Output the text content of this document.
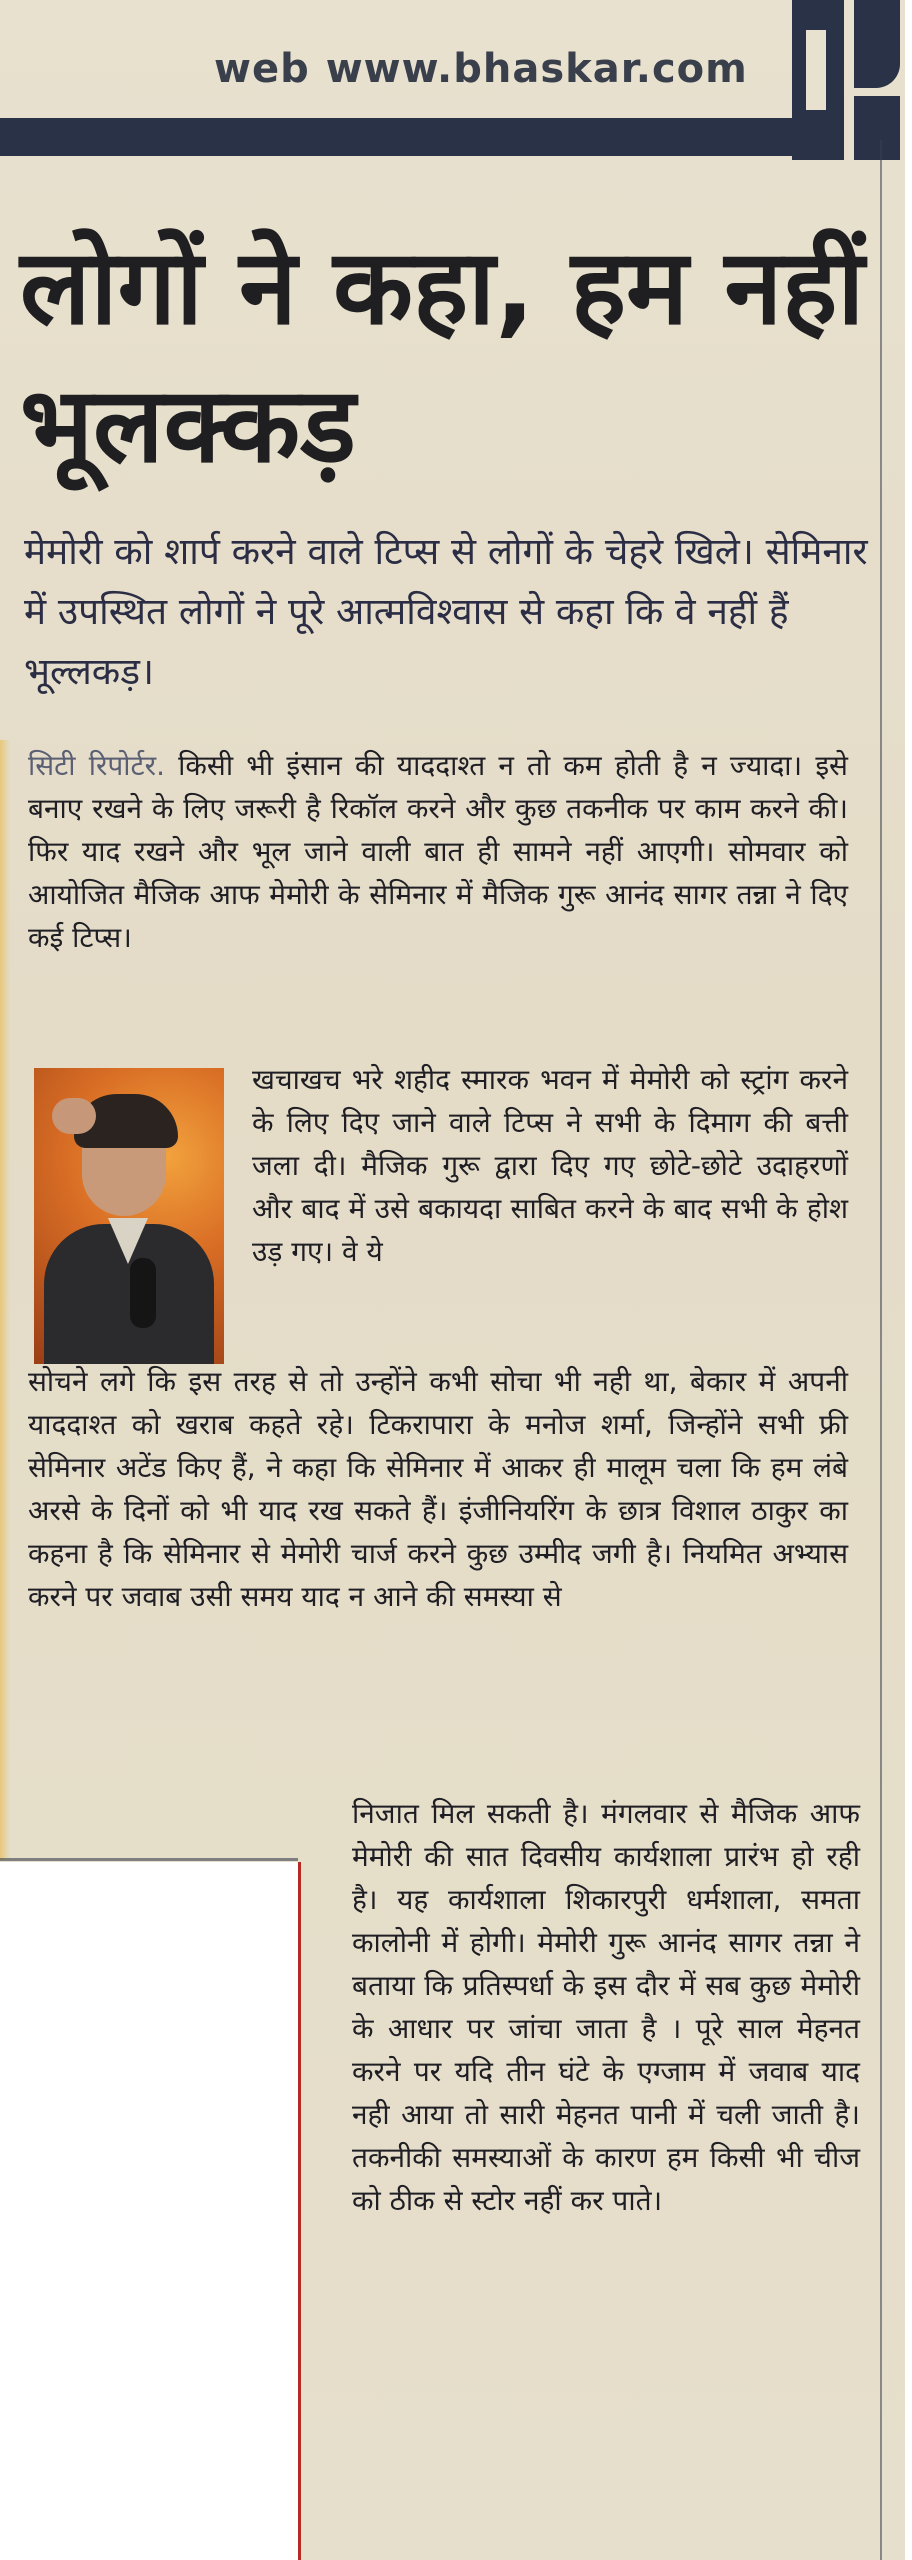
web www.bhaskar.com
लोगों ने कहा, हम नहीं भूलक्कड़
मेमोरी को शार्प करने वाले टिप्स से लोगों के चेहरे खिले। सेमिनार में उपस्थित लोगों ने पूरे आत्मविश्वास से कहा कि वे नहीं हैं भूल्लकड़।
सिटी रिपोर्टर. किसी भी इंसान की याददाश्त न तो कम होती है न ज्यादा। इसे बनाए रखने के लिए जरूरी है रिकॉल करने और कुछ तकनीक पर काम करने की। फिर याद रखने और भूल जाने वाली बात ही सामने नहीं आएगी। सोमवार को आयोजित मैजिक आफ मेमोरी के सेमिनार में मैजिक गुरू आनंद सागर तन्ना ने दिए कई टिप्स।
खचाखच भरे शहीद स्मारक भवन में मेमोरी को स्ट्रांग करने के लिए दिए जाने वाले टिप्स ने सभी के दिमाग की बत्ती जला दी। मैजिक गुरू द्वारा दिए गए छोटे-छोटे उदाहरणों और बाद में उसे बकायदा साबित करने के बाद सभी के होश उड़ गए। वे ये
सोचने लगे कि इस तरह से तो उन्होंने कभी सोचा भी नही था, बेकार में अपनी याददाश्त को खराब कहते रहे। टिकरापारा के मनोज शर्मा, जिन्होंने सभी फ्री सेमिनार अटेंड किए हैं, ने कहा कि सेमिनार में आकर ही मालूम चला कि हम लंबे अरसे के दिनों को भी याद रख सकते हैं। इंजीनियरिंग के छात्र विशाल ठाकुर का कहना है कि सेमिनार से मेमोरी चार्ज करने कुछ उम्मीद जगी है। नियमित अभ्यास करने पर जवाब उसी समय याद न आने की समस्या से
निजात मिल सकती है। मंगलवार से मैजिक आफ मेमोरी की सात दिवसीय कार्यशाला प्रारंभ हो रही है। यह कार्यशाला शिकारपुरी धर्मशाला, समता कालोनी में होगी। मेमोरी गुरू आनंद सागर तन्ना ने बताया कि प्रतिस्पर्धा के इस दौर में सब कुछ मेमोरी के आधार पर जांचा जाता है । पूरे साल मेहनत करने पर यदि तीन घंटे के एग्जाम में जवाब याद नही आया तो सारी मेहनत पानी में चली जाती है। तकनीकी समस्याओं के कारण हम किसी भी चीज को ठीक से स्टोर नहीं कर पाते।
